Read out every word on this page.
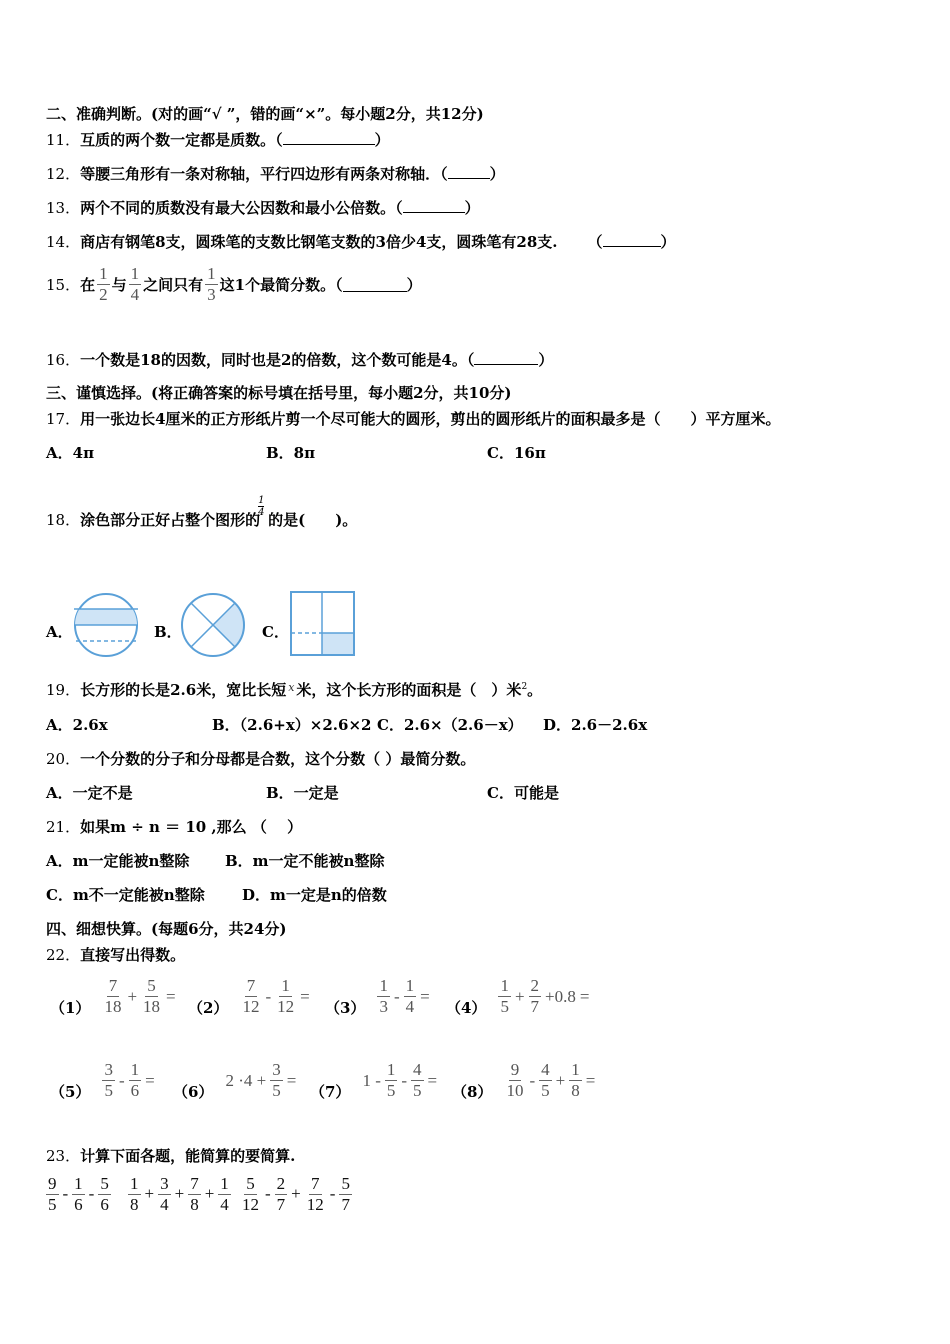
二、准确判断。(对的画“√ ”，错的画“×”。每小题2分，共12分)
11．互质的两个数一定都是质数。（	）
12．等腰三角形有一条对称轴，平行四边形有两条对称轴．（	）
13．两个不同的质数没有最大公因数和最小公倍数。（	）
14．商店有钢笔8支，圆珠笔的支数比钢笔支数的3倍少4支，圆珠笔有28支. （	）
15． 在 $\frac{1}{2}$ 与 $\frac{1}{4}$ 之间只有 $\frac{1}{3}$ 这1个最简分数。（	）
16．一个数是18的因数，同时也是2的倍数，这个数可能是4。（	）
三、谨慎选择。(将正确答案的标号填在括号里，每小题2分，共10分)
17．用一张边长4厘米的正方形纸片剪一个尽可能大的圆形，剪出的圆形纸片的面积最多是（　　）平方厘米。
A．4π	B．8π	C．16π
18．涂色部分正好占整个图形的
1
4 的是(　　)。
A．	B．	C．
19．长方形的长是2.6米，宽比长短 $^x$ 米，这个长方形的面积是（　）米$^2$。
A．2.6x	B．（2.6+x）×2.6×2 C．2.6×（2.6－x） D．2.6－2.6x
20．一个分数的分子和分母都是合数，这个分数（ ）最简分数。
A．一定不是	B．一定是	C．可能是
21．如果m ÷ n ＝ 10 ,那么 （　 ）
A．m一定能被n整除 B．m一定不能被n整除
C．m不一定能被n整除 D．m一定是n的倍数
四、细想快算。(每题6分，共24分)
22．直接写出得数。
$(1) \frac{7}{18} + \frac{5}{18}$ =
$(2) \frac{7}{12} - \frac{1}{12}$ =
$(3) \frac{1}{3} - \frac{1}{4}$ =
$(4) \frac{1}{5} + \frac{2}{7} +0.8$ =
$(5) \frac{3}{5} - \frac{1}{6}$ =
（6）
$2 \cdot 4 + \frac{3}{5}$ =
（7）
$1 - \frac{1}{5} - \frac{4}{5}$ =
$(8) \frac{9}{10} - \frac{4}{5} + \frac{1}{8}$ =
23．计算下面各题，能简算的要简算.
$\frac{9}{5} - \frac{1}{6} - \frac{5}{6} \frac{1}{8} + \frac{3}{4} + \frac{7}{8} + \frac{1}{4} \frac{5}{12} - \frac{2}{7} + \frac{7}{12} - \frac{5}{7}$
